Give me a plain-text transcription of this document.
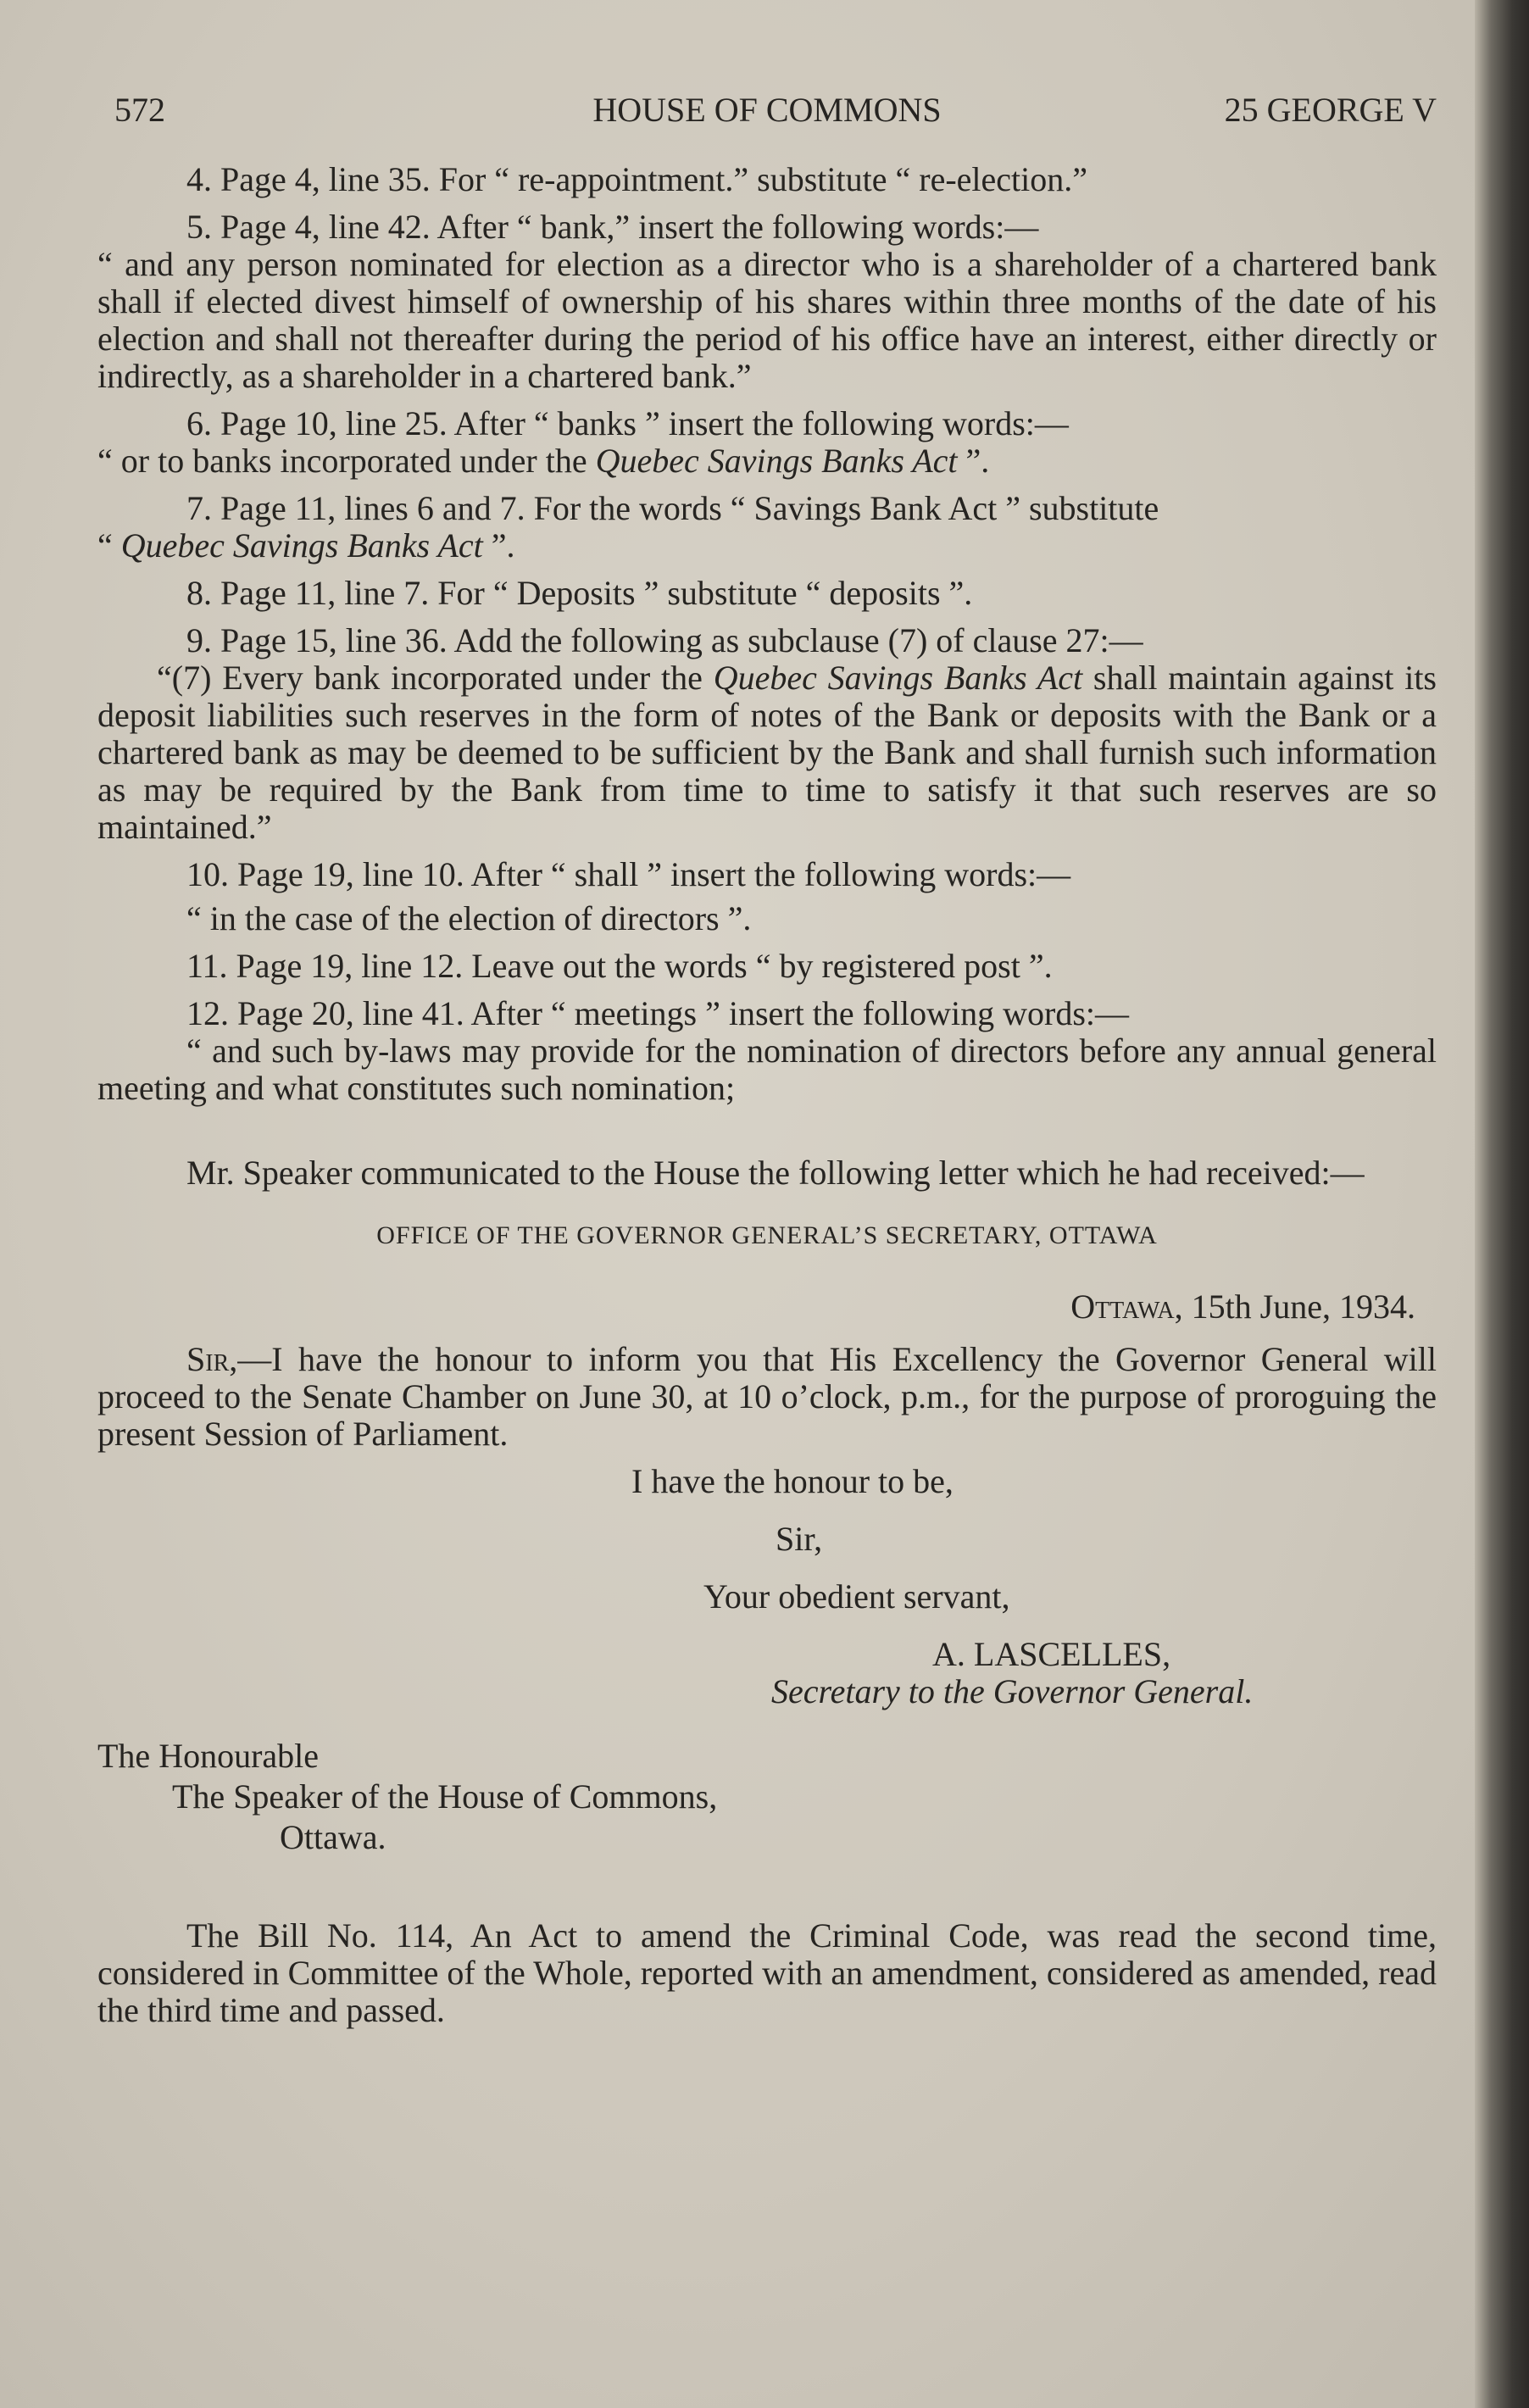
572	HOUSE OF COMMONS	25 GEORGE V

4. Page 4, line 35. For “ re-appointment.” substitute “ re-election.”

5. Page 4, line 42. After “ bank,” insert the following words:—

“ and any person nominated for election as a director who is a shareholder of a chartered bank shall if elected divest himself of ownership of his shares within three months of the date of his election and shall not thereafter during the period of his office have an interest, either directly or indirectly, as a shareholder in a chartered bank.”

6. Page 10, line 25. After “ banks ” insert the following words:—

“ or to banks incorporated under the Quebec Savings Banks Act ”.

7. Page 11, lines 6 and 7. For the words “ Savings Bank Act ” substitute

“ Quebec Savings Banks Act ”.

8. Page 11, line 7. For “ Deposits ” substitute “ deposits ”.

9. Page 15, line 36. Add the following as subclause (7) of clause 27:—

“(7) Every bank incorporated under the Quebec Savings Banks Act shall maintain against its deposit liabilities such reserves in the form of notes of the Bank or deposits with the Bank or a chartered bank as may be deemed to be sufficient by the Bank and shall furnish such information as may be required by the Bank from time to time to satisfy it that such reserves are so maintained.”

10. Page 19, line 10. After “ shall ” insert the following words:—

“ in the case of the election of directors ”.

11. Page 19, line 12. Leave out the words “ by registered post ”.

12. Page 20, line 41. After “ meetings ” insert the following words:—

“ and such by-laws may provide for the nomination of directors before any annual general meeting and what constitutes such nomination;

Mr. Speaker communicated to the House the following letter which he had received:—

OFFICE OF THE GOVERNOR GENERAL’S SECRETARY, OTTAWA
Ottawa, 15th June, 1934.

Sir,—I have the honour to inform you that His Excellency the Governor General will proceed to the Senate Chamber on June 30, at 10 o’clock, p.m., for the purpose of proroguing the present Session of Parliament.

I have the honour to be,
Sir,
Your obedient servant,
A. LASCELLES,
Secretary to the Governor General.
The Honourable
The Speaker of the House of Commons,
Ottawa.

The Bill No. 114, An Act to amend the Criminal Code, was read the second time, considered in Committee of the Whole, reported with an amendment, considered as amended, read the third time and passed.
